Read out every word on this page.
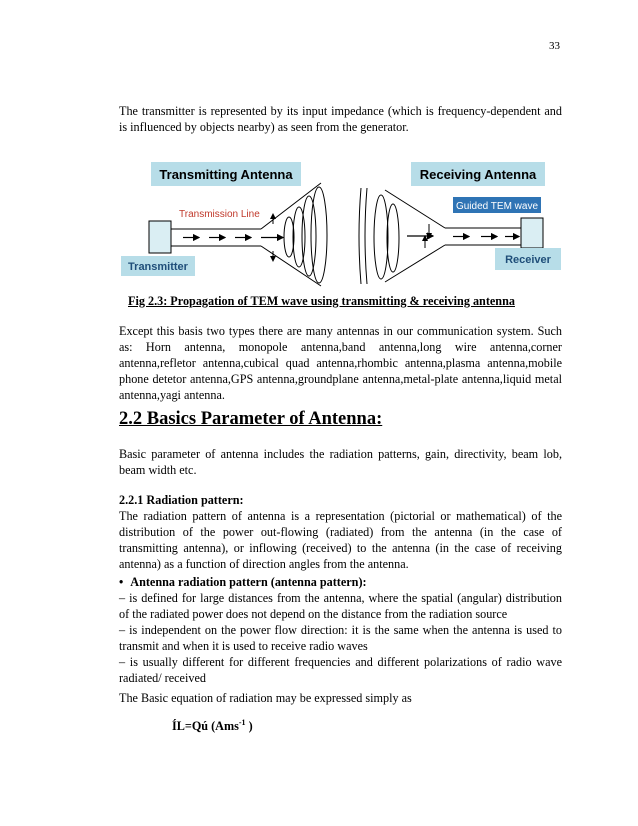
33

The transmitter is represented by its input impedance (which is frequency-dependent and is influenced by objects nearby) as seen from the generator.

Transmitting Antenna	Receiving Antenna
Transmission Line
Guided TEM wave
Transmitter
Receiver
Fig 2.3: Propagation of TEM wave using transmitting & receiving antenna

Except this basis two types there are many antennas in our communication system. Such as: Horn antenna, monopole antenna,band antenna,long wire antenna,corner antenna,refletor antenna,cubical quad antenna,rhombic antenna,plasma antenna,mobile phone detetor antenna,GPS antenna,groundplane antenna,metal-plate antenna,liquid metal antenna,yagi antenna.

2.2 Basics Parameter of Antenna:

Basic parameter of antenna includes the radiation patterns, gain, directivity, beam lob, beam width etc.

2.2.1 Radiation pattern:

The radiation pattern of antenna is a representation (pictorial or mathematical) of the distribution of the power out-flowing (radiated) from the antenna (in the case of transmitting antenna), or inflowing (received) to the antenna (in the case of receiving antenna) as a function of direction angles from the antenna.

• Antenna radiation pattern (antenna pattern):
– is defined for large distances from the antenna, where the spatial (angular) distribution of the radiated power does not depend on the distance from the radiation source
– is independent on the power flow direction: it is the same when the antenna is used to transmit and when it is used to receive radio waves
– is usually different for different frequencies and different polarizations of radio wave radiated/ received

The Basic equation of radiation may be expressed simply as

ÍL=Qú (Ams$^{-1}$ )
